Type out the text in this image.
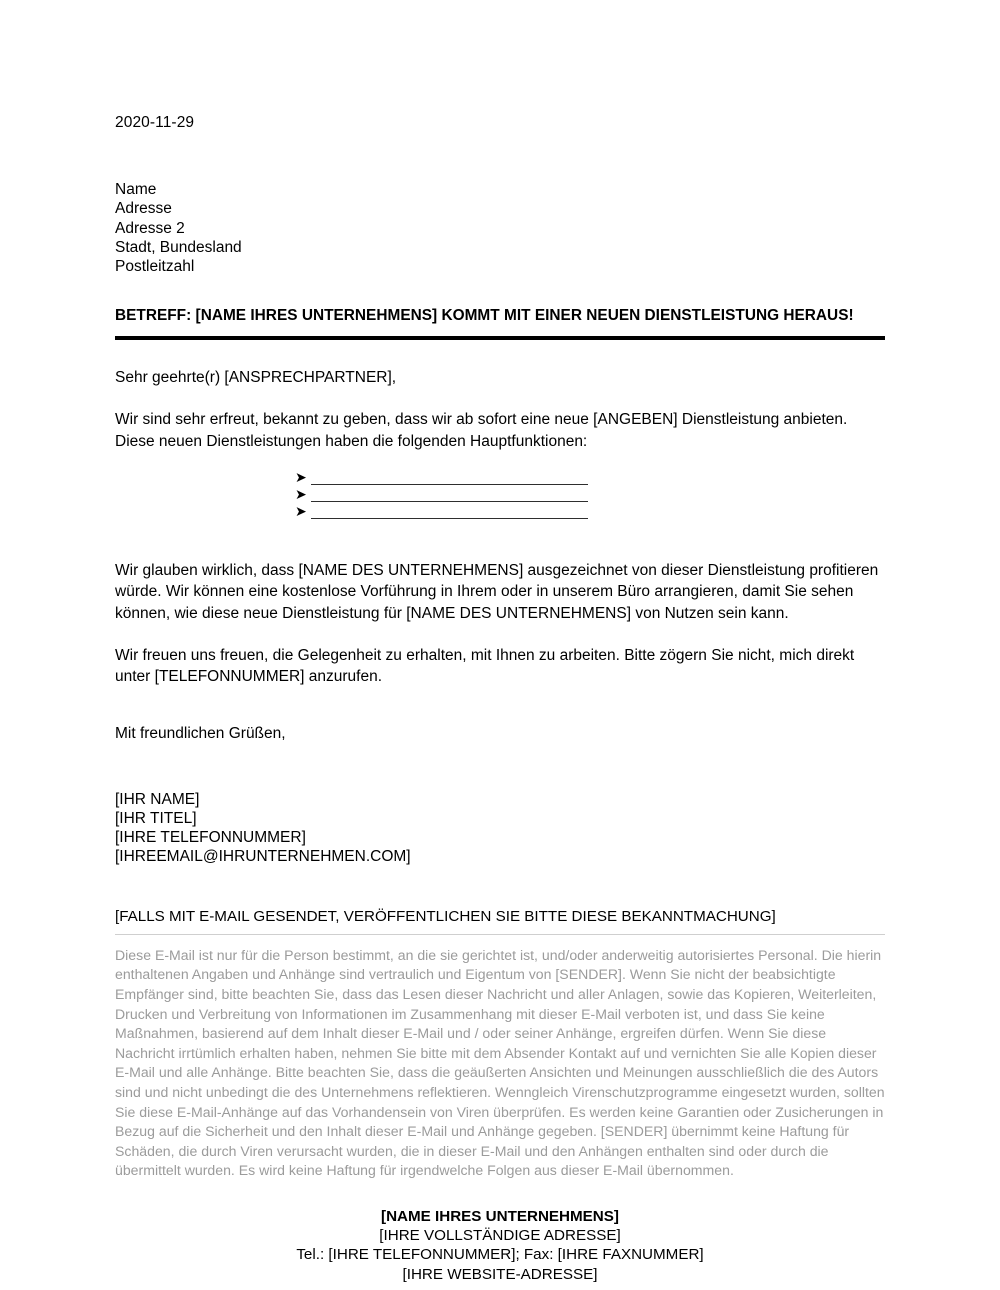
2020-11-29
Name
Adresse
Adresse 2
Stadt, Bundesland
Postleitzahl
BETREFF: [NAME IHRES UNTERNEHMENS] KOMMT MIT EINER NEUEN DIENSTLEISTUNG HERAUS!
Sehr geehrte(r) [ANSPRECHPARTNER],
Wir sind sehr erfreut, bekannt zu geben, dass wir ab sofort eine neue [ANGEBEN] Dienstleistung anbieten. Diese neuen Dienstleistungen haben die folgenden Hauptfunktionen:
➤
➤
➤
Wir glauben wirklich, dass [NAME DES UNTERNEHMENS] ausgezeichnet von dieser Dienstleistung profitieren würde. Wir können eine kostenlose Vorführung in Ihrem oder in unserem Büro arrangieren, damit Sie sehen können, wie diese neue Dienstleistung für [NAME DES UNTERNEHMENS] von Nutzen sein kann.
Wir freuen uns freuen, die Gelegenheit zu erhalten, mit Ihnen zu arbeiten. Bitte zögern Sie nicht, mich direkt unter [TELEFONNUMMER] anzurufen.
Mit freundlichen Grüßen,
[IHR NAME]
[IHR TITEL]
[IHRE TELEFONNUMMER]
[IHREEMAIL@IHRUNTERNEHMEN.COM]
[FALLS MIT E-MAIL GESENDET, VERÖFFENTLICHEN SIE BITTE DIESE BEKANNTMACHUNG]
Diese E-Mail ist nur für die Person bestimmt, an die sie gerichtet ist, und/oder anderweitig autorisiertes Personal. Die hierin enthaltenen Angaben und Anhänge sind vertraulich und Eigentum von [SENDER]. Wenn Sie nicht der beabsichtigte Empfänger sind, bitte beachten Sie, dass das Lesen dieser Nachricht und aller Anlagen, sowie das Kopieren, Weiterleiten, Drucken und Verbreitung von Informationen im Zusammenhang mit dieser E-Mail verboten ist, und dass Sie keine Maßnahmen, basierend auf dem Inhalt dieser E-Mail und / oder seiner Anhänge, ergreifen dürfen. Wenn Sie diese Nachricht irrtümlich erhalten haben, nehmen Sie bitte mit dem Absender Kontakt auf und vernichten Sie alle Kopien dieser E-Mail und alle Anhänge. Bitte beachten Sie, dass die geäußerten Ansichten und Meinungen ausschließlich die des Autors sind und nicht unbedingt die des Unternehmens reflektieren. Wenngleich Virenschutzprogramme eingesetzt wurden, sollten Sie diese E-Mail-Anhänge auf das Vorhandensein von Viren überprüfen. Es werden keine Garantien oder Zusicherungen in Bezug auf die Sicherheit und den Inhalt dieser E-Mail und Anhänge gegeben. [SENDER] übernimmt keine Haftung für Schäden, die durch Viren verursacht wurden, die in dieser E-Mail und den Anhängen enthalten sind oder durch die übermittelt wurden. Es wird keine Haftung für irgendwelche Folgen aus dieser E-Mail übernommen.
[NAME IHRES UNTERNEHMENS]
[IHRE VOLLSTÄNDIGE ADRESSE]
Tel.: [IHRE TELEFONNUMMER]; Fax: [IHRE FAXNUMMER]
[IHRE WEBSITE-ADRESSE]
